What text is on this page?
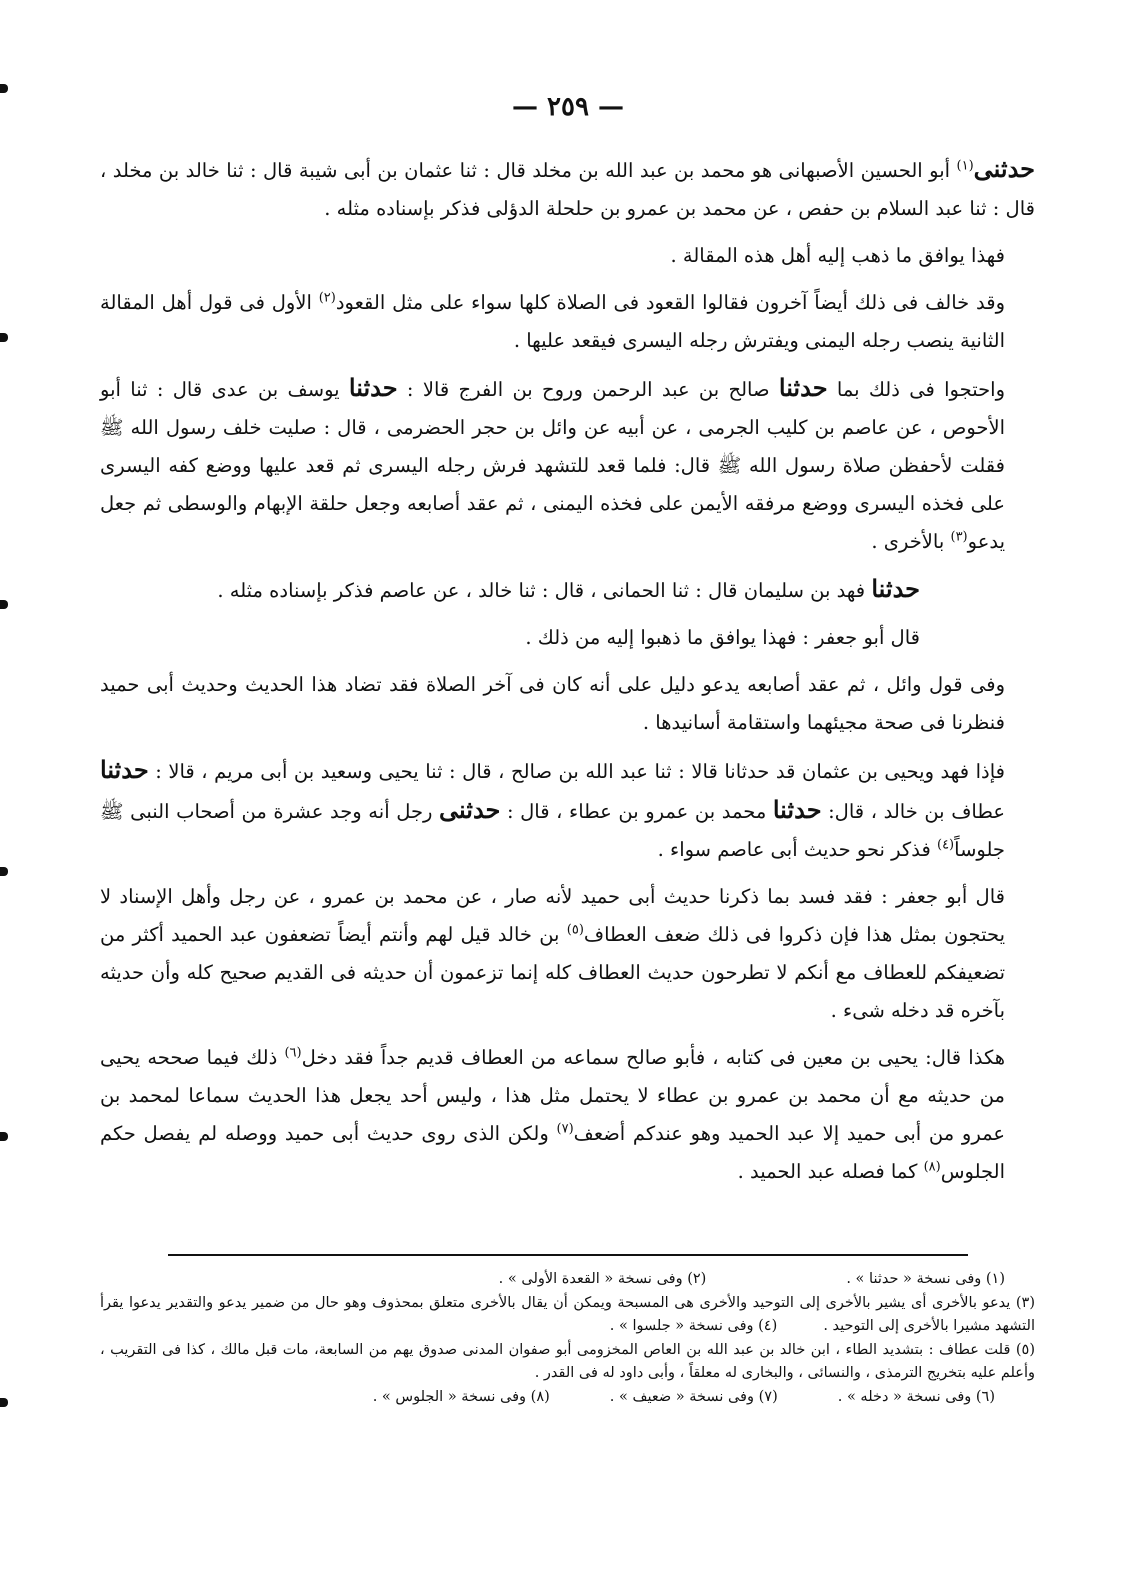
— ٢٥٩ —

حدثنى$^{(١)}$ أبو الحسين الأصبهانى هو محمد بن عبد الله بن مخلد قال : ثنا عثمان بن أبى شيبة قال : ثنا خالد بن مخلد ، قال : ثنا عبد السلام بن حفص ، عن محمد بن عمرو بن حلحلة الدؤلى فذكر بإسناده مثله .

فهذا يوافق ما ذهب إليه أهل هذه المقالة .

وقد خالف فى ذلك أيضاً آخرون فقالوا القعود فى الصلاة كلها سواء على مثل القعود$^{(٢)}$ الأول فى قول أهل المقالة الثانية ينصب رجله اليمنى ويفترش رجله اليسرى فيقعد عليها .

واحتجوا فى ذلك بما حدثنا صالح بن عبد الرحمن وروح بن الفرج قالا : حدثنا يوسف بن عدى قال : ثنا أبو الأحوص ، عن عاصم بن كليب الجرمى ، عن أبيه عن وائل بن حجر الحضرمى ، قال : صليت خلف رسول الله ﷺ فقلت لأحفظن صلاة رسول الله ﷺ قال: فلما قعد للتشهد فرش رجله اليسرى ثم قعد عليها ووضع كفه اليسرى على فخذه اليسرى ووضع مرفقه الأيمن على فخذه اليمنى ، ثم عقد أصابعه وجعل حلقة الإبهام والوسطى ثم جعل يدعو$^{(٣)}$ بالأخرى .

حدثنا فهد بن سليمان قال : ثنا الحمانى ، قال : ثنا خالد ، عن عاصم فذكر بإسناده مثله .

قال أبو جعفر : فهذا يوافق ما ذهبوا إليه من ذلك .

وفى قول وائل ، ثم عقد أصابعه يدعو دليل على أنه كان فى آخر الصلاة فقد تضاد هذا الحديث وحديث أبى حميد فنظرنا فى صحة مجيئهما واستقامة أسانيدها .

فإذا فهد ويحيى بن عثمان قد حدثانا قالا : ثنا عبد الله بن صالح ، قال : ثنا يحيى وسعيد بن أبى مريم ، قالا : حدثنا عطاف بن خالد ، قال: حدثنا محمد بن عمرو بن عطاء ، قال : حدثنى رجل أنه وجد عشرة من أصحاب النبى ﷺ جلوساً$^{(٤)}$ فذكر نحو حديث أبى عاصم سواء .

قال أبو جعفر : فقد فسد بما ذكرنا حديث أبى حميد لأنه صار ، عن محمد بن عمرو ، عن رجل وأهل الإسناد لا يحتجون بمثل هذا فإن ذكروا فى ذلك ضعف العطاف$^{(٥)}$ بن خالد قيل لهم وأنتم أيضاً تضعفون عبد الحميد أكثر من تضعيفكم للعطاف مع أنكم لا تطرحون حديث العطاف كله إنما تزعمون أن حديثه فى القديم صحيح كله وأن حديثه بآخره قد دخله شىء .

هكذا قال: يحيى بن معين فى كتابه ، فأبو صالح سماعه من العطاف قديم جداً فقد دخل$^{(٦)}$ ذلك فيما صححه يحيى من حديثه مع أن محمد بن عمرو بن عطاء لا يحتمل مثل هذا ، وليس أحد يجعل هذا الحديث سماعا لمحمد بن عمرو من أبى حميد إلا عبد الحميد وهو عندكم أضعف$^{(٧)}$ ولكن الذى روى حديث أبى حميد ووصله لم يفصل حكم الجلوس$^{(٨)}$ كما فصله عبد الحميد .

(١) وفى نسخة « حدثنا » .
(٢) وفى نسخة « القعدة الأولى » .

(٣) يدعو بالأخرى أى يشير بالأخرى إلى التوحيد والأخرى هى المسبحة ويمكن أن يقال بالأخرى متعلق بمحذوف وهو حال من ضمير يدعو والتقدير يدعوا يقرأ التشهد مشيرا بالأخرى إلى التوحيد .          (٤) وفى نسخة « جلسوا » .

(٥) قلت عطاف : بتشديد الطاء ، ابن خالد بن عبد الله بن العاص المخزومى أبو صفوان المدنى صدوق يهم من السابعة، مات قبل مالك ، كذا فى التقريب ، وأعلم عليه بتخريج الترمذى ، والنسائى ، والبخارى له معلقاً ، وأبى داود له فى القدر .

(٦) وفى نسخة « دخله » .
(٧) وفى نسخة « ضعيف » .
(٨) وفى نسخة « الجلوس » .
